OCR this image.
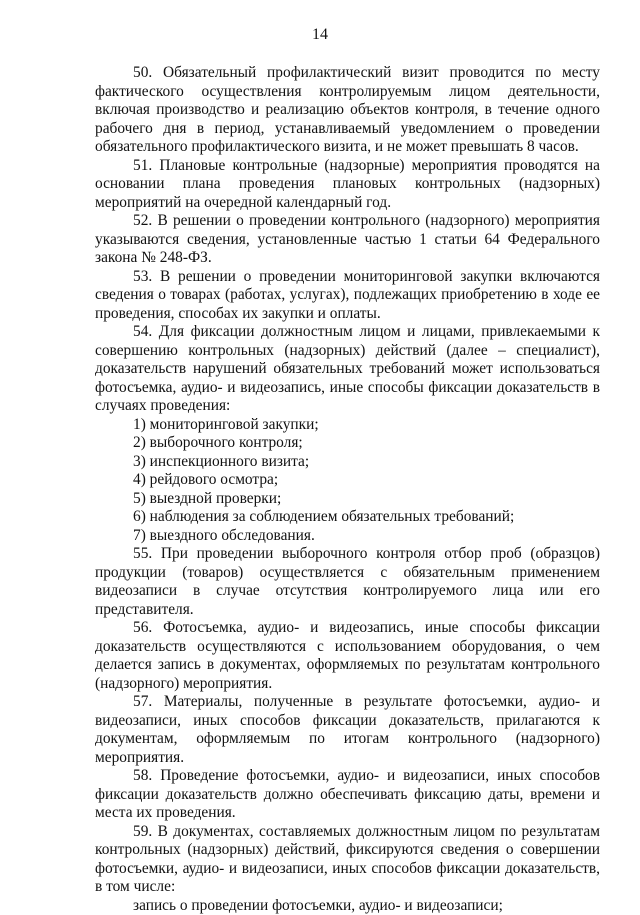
14

50. Обязательный профилактический визит проводится по месту фактического осуществления контролируемым лицом деятельности, включая производство и реализацию объектов контроля, в течение одного рабочего дня в период, устанавливаемый уведомлением о проведении обязательного профилактического визита, и не может превышать 8 часов.

51. Плановые контрольные (надзорные) мероприятия проводятся на основании плана проведения плановых контрольных (надзорных) мероприятий на очередной календарный год.

52. В решении о проведении контрольного (надзорного) мероприятия указываются сведения, установленные частью 1 статьи 64 Федерального закона № 248-ФЗ.

53. В решении о проведении мониторинговой закупки включаются сведения о товарах (работах, услугах), подлежащих приобретению в ходе ее проведения, способах их закупки и оплаты.

54. Для фиксации должностным лицом и лицами, привлекаемыми к совершению контрольных (надзорных) действий (далее – специалист), доказательств нарушений обязательных требований может использоваться фотосъемка, аудио- и видеозапись, иные способы фиксации доказательств в случаях проведения:

1) мониторинговой закупки;

2) выборочного контроля;

3) инспекционного визита;

4) рейдового осмотра;

5) выездной проверки;

6) наблюдения за соблюдением обязательных требований;

7) выездного обследования.

55. При проведении выборочного контроля отбор проб (образцов) продукции (товаров) осуществляется с обязательным применением видеозаписи в случае отсутствия контролируемого лица или его представителя.

56. Фотосъемка, аудио- и видеозапись, иные способы фиксации доказательств осуществляются с использованием оборудования, о чем делается запись в документах, оформляемых по результатам контрольного (надзорного) мероприятия.

57. Материалы, полученные в результате фотосъемки, аудио- и видеозаписи, иных способов фиксации доказательств, прилагаются к документам, оформляемым по итогам контрольного (надзорного) мероприятия.

58. Проведение фотосъемки, аудио- и видеозаписи, иных способов фиксации доказательств должно обеспечивать фиксацию даты, времени и места их проведения.

59. В документах, составляемых должностным лицом по результатам контрольных (надзорных) действий, фиксируются сведения о совершении фотосъемки, аудио- и видеозаписи, иных способов фиксации доказательств, в том числе:

запись о проведении фотосъемки, аудио- и видеозаписи;
